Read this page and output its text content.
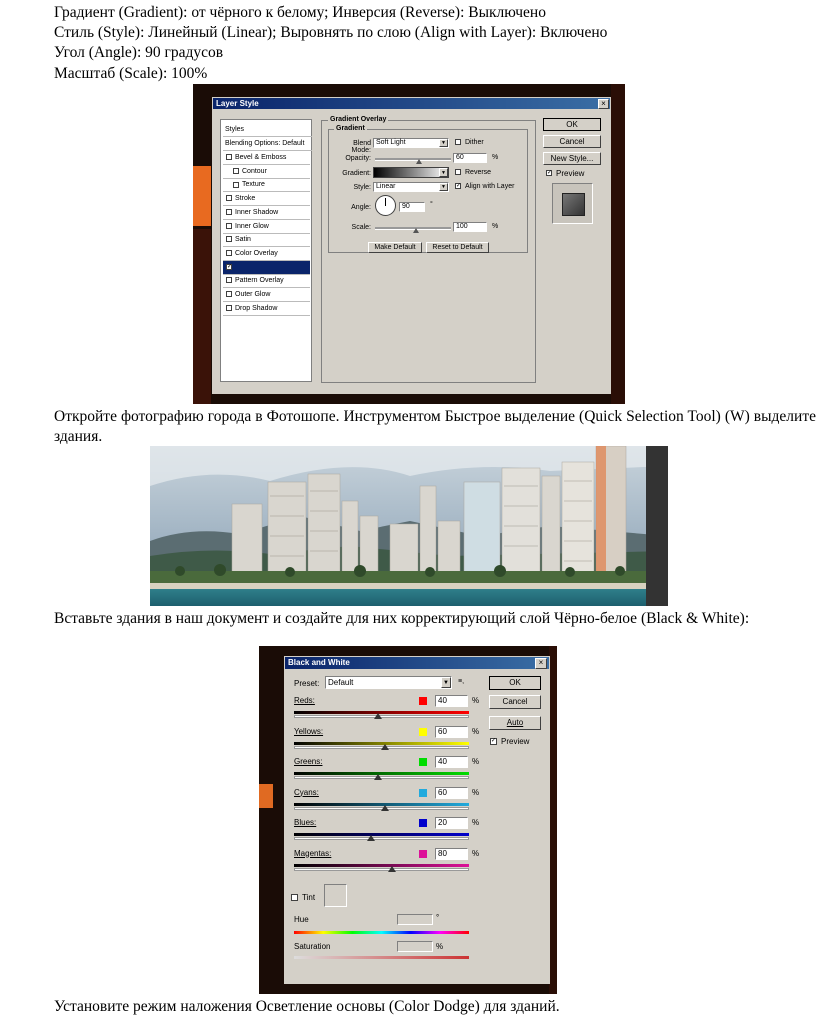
Градиент (Gradient): от чёрного к белому; Инверсия (Reverse): Выключено
Стиль (Style): Линейный (Linear); Выровнять по слою (Align with Layer): Включено
Угол (Angle): 90 градусов
Масштаб (Scale): 100%
Layer Style	×
Styles
Blending Options: Default
Bevel & Emboss
Contour
Texture
Stroke
Inner Shadow
Inner Glow
Satin
Color Overlay
✓
Pattern Overlay
Outer Glow
Drop Shadow
Gradient Overlay
Gradient
Blend Mode:
Soft Light	▼	Dither
Opacity:	60	%
Gradient:	▼	Reverse
Style: Linear	▼	✓ Align with Layer
Angle:	90	°
Scale:	100	%
Make Default	Reset to Default
OK
Cancel
New Style...
✓ Preview
Откройте фотографию города в Фотошопе. Инструментом Быстрое выделение (Quick Selection Tool) (W) выделите здания.
Вставьте здания в наш документ и создайте для них корректирующий слой Чёрно-белое (Black & White):
Black and White	×
Preset:	Default	▼ ≡,	OK
Cancel
Auto
✓ Preview
Reds:	40	%
Yellows:	60	%
Greens:	40	%
Cyans:	60	%
Blues:	20	%
Magentas:	80	%
Tint
Hue	°
Saturation	%
Установите режим наложения Осветление основы (Color Dodge) для зданий.
